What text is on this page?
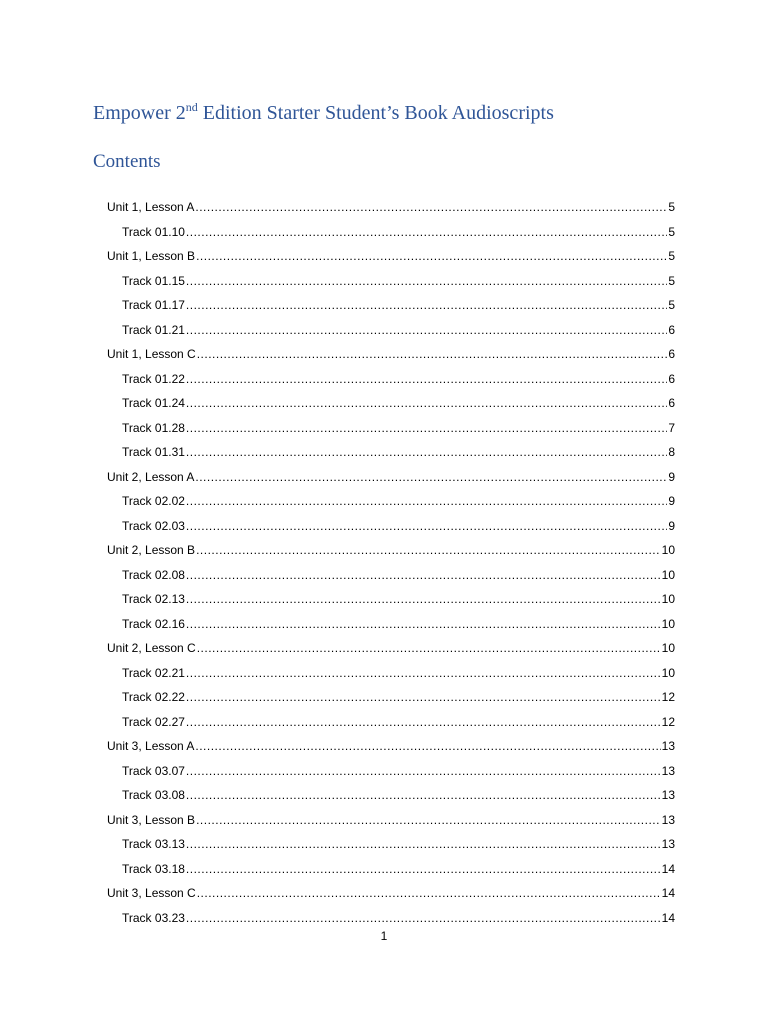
Empower 2nd Edition Starter Student’s Book Audioscripts
Contents
Unit 1, Lesson A .....	5
Track 01.10 .....	5
Unit 1, Lesson B .....	5
Track 01.15 .....	5
Track 01.17 .....	5
Track 01.21 .....	6
Unit 1, Lesson C .....	6
Track 01.22 .....	6
Track 01.24 .....	6
Track 01.28 .....	7
Track 01.31 .....	8
Unit 2, Lesson A .....	9
Track 02.02 .....	9
Track 02.03 .....	9
Unit 2, Lesson B .....	10
Track 02.08 .....	10
Track 02.13 .....	10
Track 02.16 .....	10
Unit 2, Lesson C .....	10
Track 02.21 .....	10
Track 02.22 .....	12
Track 02.27 .....	12
Unit 3, Lesson A .....	13
Track 03.07 .....	13
Track 03.08 .....	13
Unit 3, Lesson B .....	13
Track 03.13 .....	13
Track 03.18 .....	14
Unit 3, Lesson C .....	14
Track 03.23 .....	14
1
